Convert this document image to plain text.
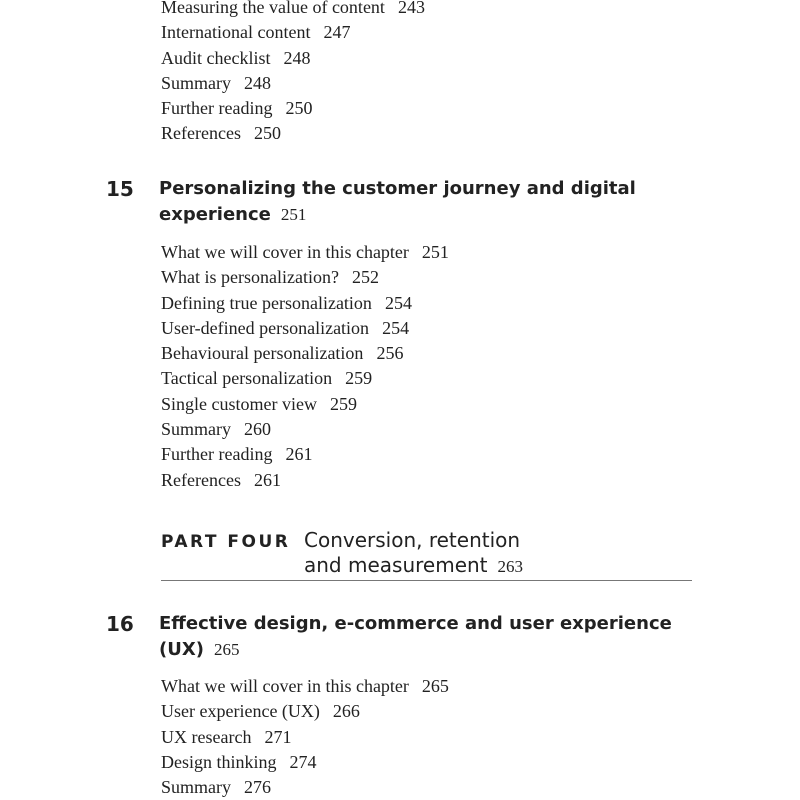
Measuring the value of content 243
International content 247
Audit checklist 248
Summary 248
Further reading 250
References 250
15 Personalizing the customer journey and digital
experience 251
What we will cover in this chapter 251
What is personalization? 252
Defining true personalization 254
User-defined personalization 254
Behavioural personalization 256
Tactical personalization 259
Single customer view 259
Summary 260
Further reading 261
References 261
PART FOUR Conversion, retention
and measurement 263
16 Effective design, e-commerce and user experience
(UX) 265
What we will cover in this chapter 265
User experience (UX) 266
UX research 271
Design thinking 274
Summary 276
